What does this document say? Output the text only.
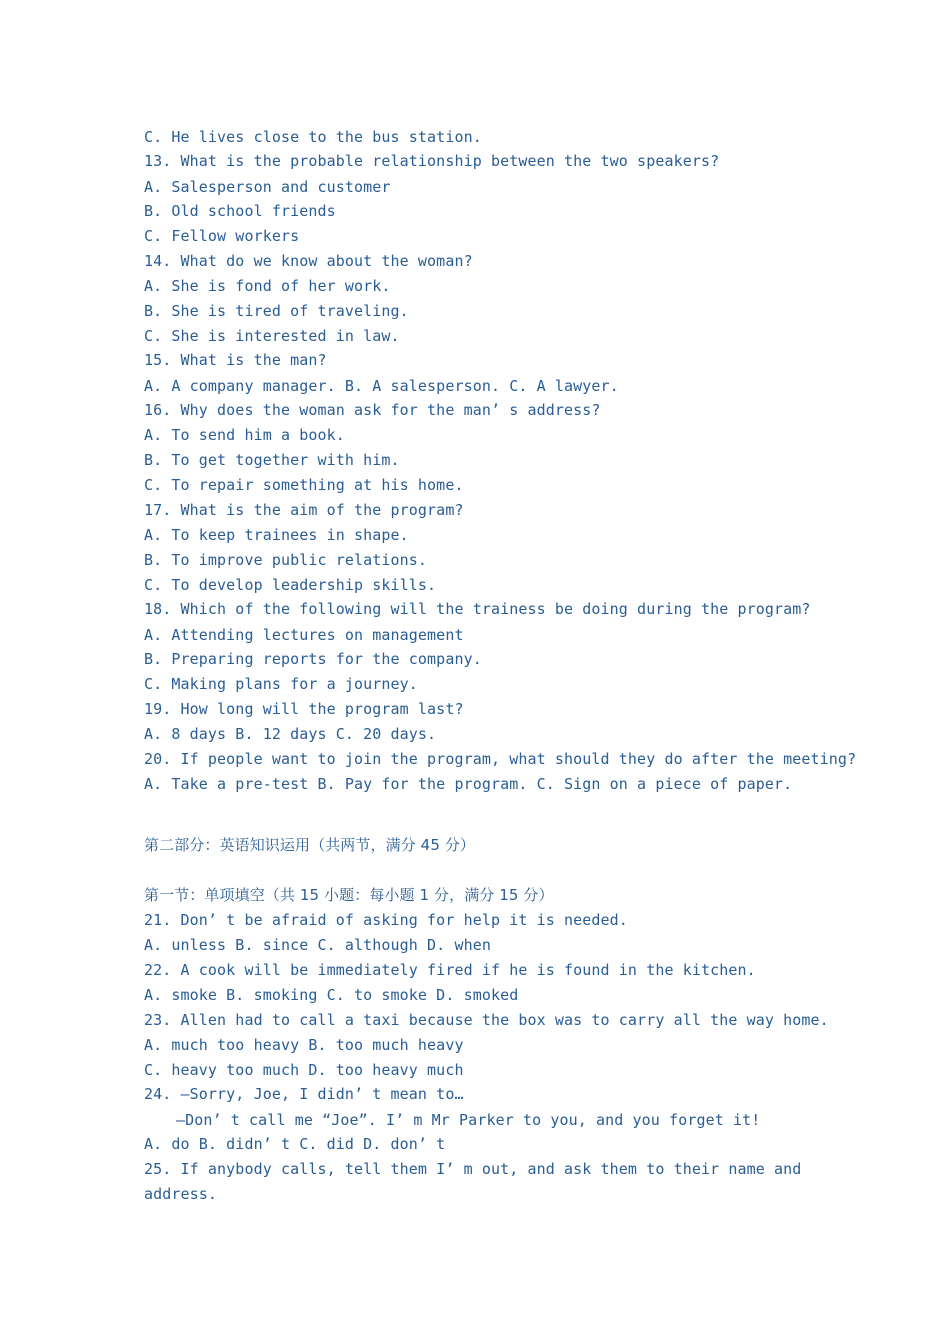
C. He lives close to the bus station.
13. What is the probable relationship between the two speakers?
A. Salesperson and customer
B. Old school friends
C. Fellow workers
14. What do we know about the woman?
A. She is fond of her work.
B. She is tired of traveling.
C. She is interested in law.
15. What is the man?
A. A company manager. B. A salesperson. C. A lawyer.
16. Why does the woman ask for the man’ s address?
A. To send him a book.
B. To get together with him.
C. To repair something at his home.
17. What is the aim of the program?
A. To keep trainees in shape.
B. To improve public relations.
C. To develop leadership skills.
18. Which of the following will the trainess be doing during the program?
A. Attending lectures on management
B. Preparing reports for the company.
C. Making plans for a journey.
19. How long will the program last?
A. 8 days B. 12 days C. 20 days.
20. If people want to join the program, what should they do after the meeting?
A. Take a pre-test B. Pay for the program. C. Sign on a piece of paper.
第二部分：英语知识运用（共两节，满分 45 分）
第一节：单项填空（共 15 小题：每小题 1 分，满分 15 分）
21. Don’ t be afraid of asking for help it is needed.
A. unless B. since C. although D. when
22. A cook will be immediately fired if he is found in the kitchen.
A. smoke B. smoking C. to smoke D. smoked
23. Allen had to call a taxi because the box was to carry all the way home.
A. much too heavy B. too much heavy
C. heavy too much D. too heavy much
24. —Sorry, Joe, I didn’ t mean to…
—Don’ t call me “Joe”. I’ m Mr Parker to you, and you forget it!
A. do B. didn’ t C. did D. don’ t
25. If anybody calls, tell them I’ m out, and ask them to their name and
address.
